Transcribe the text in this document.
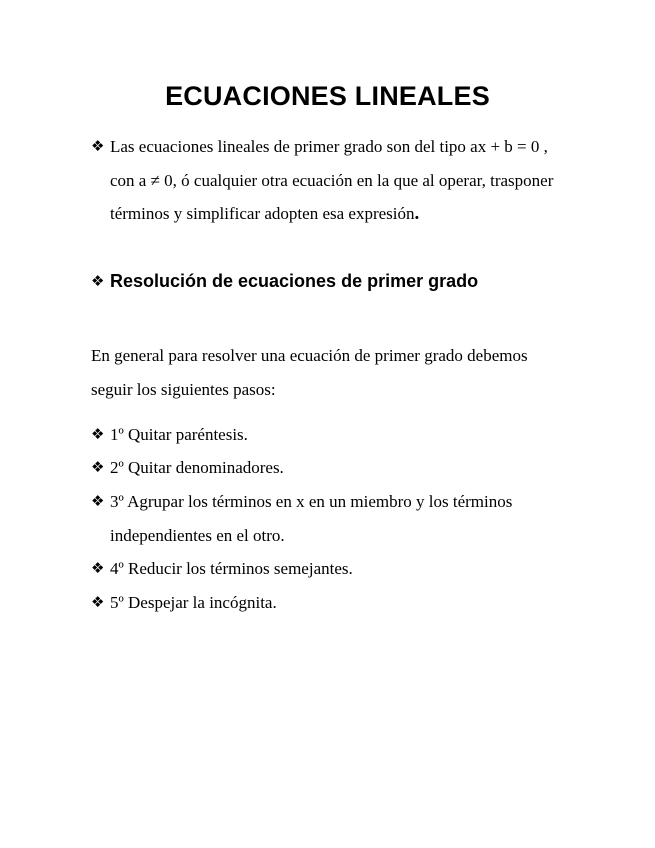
ECUACIONES LINEALES
❖ Las ecuaciones lineales de primer grado son del tipo ax + b = 0 , con a ≠ 0, ó cualquier otra ecuación en la que al operar, trasponer términos y simplificar adopten esa expresión.
❖ Resolución de ecuaciones de primer grado

En general para resolver una ecuación de primer grado debemos seguir los siguientes pasos:

❖ 1º Quitar paréntesis.
❖ 2º Quitar denominadores.
❖ 3º Agrupar los términos en x en un miembro y los términos independientes en el otro.
❖ 4º Reducir los términos semejantes.
❖ 5º Despejar la incógnita.
